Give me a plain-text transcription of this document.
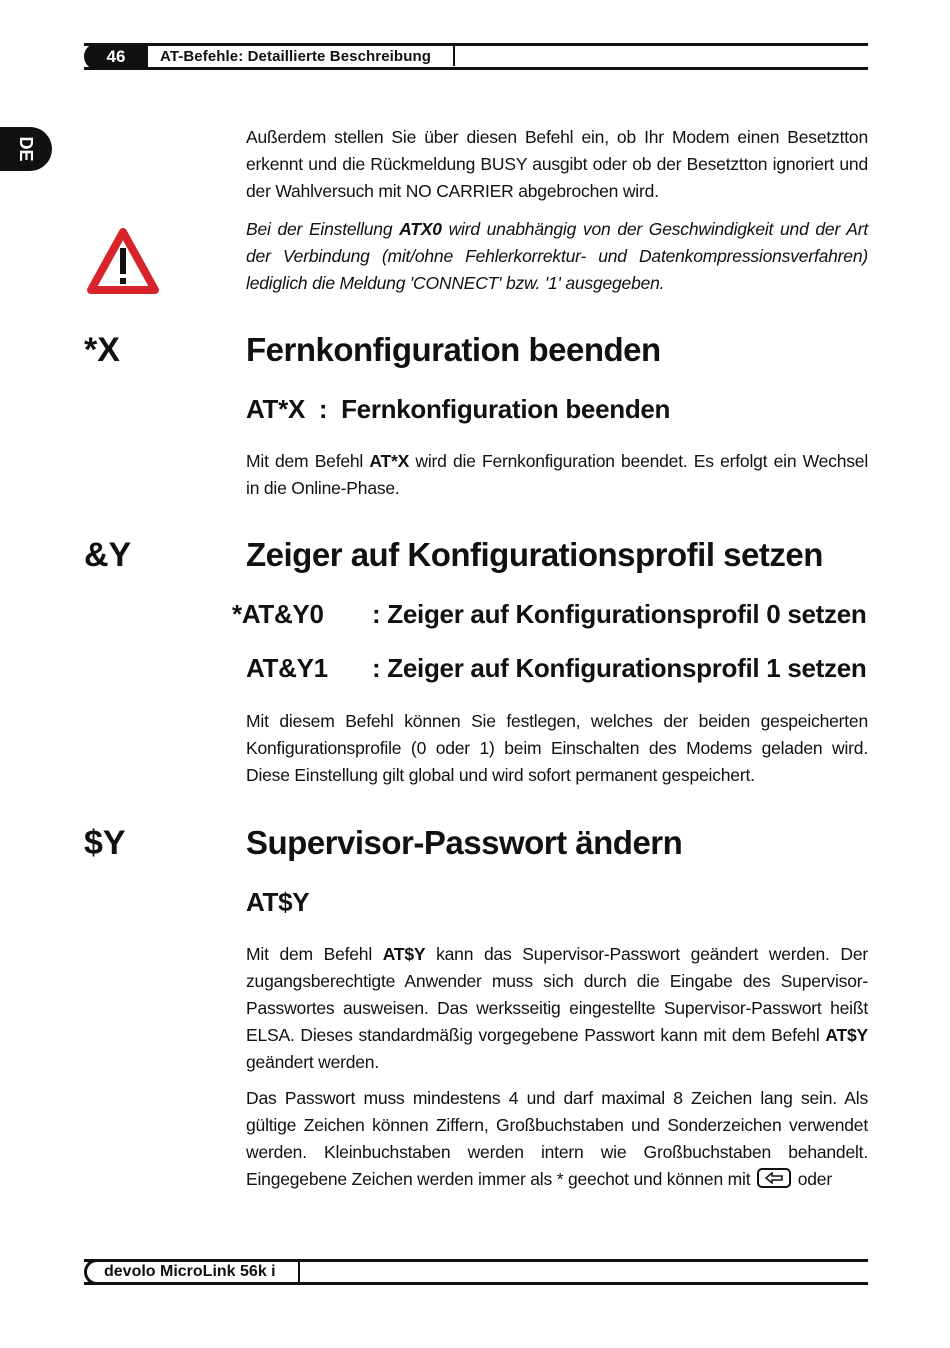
46	AT-Befehle: Detaillierte Beschreibung
DE	Außerdem stellen Sie über diesen Befehl ein, ob Ihr Modem einen Besetztton erkennt und die Rückmeldung BUSY ausgibt oder ob der Besetztton ignoriert und der Wahlversuch mit NO CARRIER abgebrochen wird.
Bei der Einstellung ATX0 wird unabhängig von der Geschwindigkeit und der Art der Verbindung (mit/ohne Fehlerkorrektur- und Datenkompressionsverfahren) lediglich die Meldung 'CONNECT' bzw. '1' ausgegeben.
*X	Fernkonfiguration beenden
AT*X : Fernkonfiguration beenden
Mit dem Befehl AT*X wird die Fernkonfiguration beendet. Es erfolgt ein Wechsel in die Online-Phase.
&Y	Zeiger auf Konfigurationsprofil setzen
*AT&Y0 : Zeiger auf Konfigurationsprofil 0 setzen
AT&Y1 : Zeiger auf Konfigurationsprofil 1 setzen
Mit diesem Befehl können Sie festlegen, welches der beiden gespeicherten Konfigurationsprofile (0 oder 1) beim Einschalten des Modems geladen wird. Diese Einstellung gilt global und wird sofort permanent gespeichert.
$Y	Supervisor-Passwort ändern
AT$Y
Mit dem Befehl AT$Y kann das Supervisor-Passwort geändert werden. Der zugangsberechtigte Anwender muss sich durch die Eingabe des Supervisor-Passwortes ausweisen. Das werksseitig eingestellte Supervisor-Passwort heißt ELSA. Dieses standardmäßig vorgegebene Passwort kann mit dem Befehl AT$Y geändert werden.
Das Passwort muss mindestens 4 und darf maximal 8 Zeichen lang sein. Als gültige Zeichen können Ziffern, Großbuchstaben und Sonderzeichen verwendet werden. Kleinbuchstaben werden intern wie Großbuchstaben behandelt. Eingegebene Zeichen werden immer als * geechot und können mit	oder
devolo MicroLink 56k i
